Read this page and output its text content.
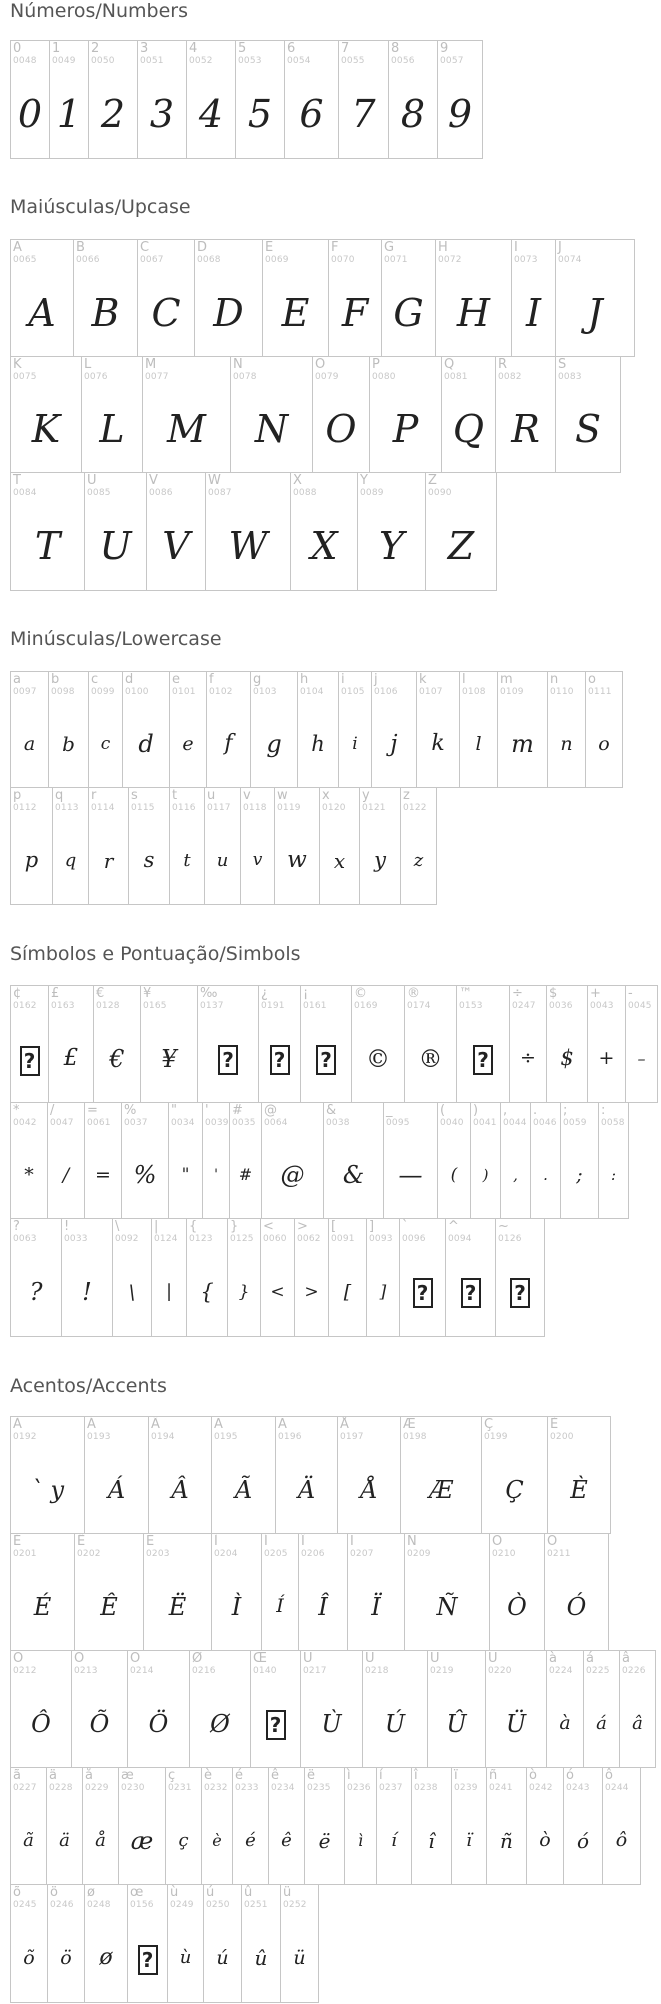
Números/Numbers
0
0048
0
1
0049
1
2
0050
2
3
0051
3
4
0052
4
5
0053
5
6
0054
6
7
0055
7
8
0056
8
9
0057
9
Maiúsculas/Upcase
A
0065
A
B
0066
B
C
0067
C
D
0068
D
E
0069
E
F
0070
F
G
0071
G
H
0072
H
I
0073
I
J
0074
J
K
0075
K
L
0076
L
M
0077
M
N
0078
N
O
0079
O
P
0080
P
Q
0081
Q
R
0082
R
S
0083
S
T
0084
T
U
0085
U
V
0086
V
W
0087
W
X
0088
X
Y
0089
Y
Z
0090
Z
Minúsculas/Lowercase
a
0097
a
b
0098
b
c
0099
c
d
0100
d
e
0101
e
f
0102
f
g
0103
g
h
0104
h
i
0105
i
j
0106
j
k
0107
k
l
0108
l
m
0109
m
n
0110
n
o
0111
o
p
0112
p
q
0113
q
r
0114
r
s
0115
s
t
0116
t
u
0117
u
v
0118
v
w
0119
w
x
0120
x
y
0121
y
z
0122
z
Símbolos e Pontuação/Simbols
¢
0162
?
£
0163
£
€
0128
€
¥
0165
¥
‰
0137
?
¿
0191
?
¡
0161
?
©
0169
©
®
0174
®
™
0153
?
÷
0247
÷
$
0036
$
+
0043
+
-
0045
–
*
0042
*
/
0047
/
=
0061
=
%
0037
%
"
0034
"
'
0039
'
#
0035
#
@
0064
@
&
0038
&
_
0095
—
(
0040
(
)
0041
)
,
0044
,
.
0046
.
;
0059
;
:
0058
:
?
0063
?
!
0033
!
\
0092
\
|
0124
|
{
0123
{
}
0125
}
<
0060
<
>
0062
>
[
0091
[
]
0093
]
`
0096
?
^
0094
?
~
0126
?
Acentos/Accents
À
0192
ˋ y
Á
0193
Á
Â
0194
Â
Ã
0195
Ã
Ä
0196
Ä
Å
0197
Å
Æ
0198
Æ
Ç
0199
Ç
È
0200
È
É
0201
É
Ê
0202
Ê
Ë
0203
Ë
Ì
0204
Ì
Í
0205
Í
Î
0206
Î
Ï
0207
Ï
Ñ
0209
Ñ
Ò
0210
Ò
Ó
0211
Ó
Ô
0212
Ô
Õ
0213
Õ
Ö
0214
Ö
Ø
0216
Ø
Œ
0140
?
Ù
0217
Ù
Ú
0218
Ú
Û
0219
Û
Ü
0220
Ü
à
0224
à
á
0225
á
â
0226
â
ã
0227
ã
ä
0228
ä
å
0229
å
æ
0230
æ
ç
0231
ç
è
0232
è
é
0233
é
ê
0234
ê
ë
0235
ë
ì
0236
ì
í
0237
í
î
0238
î
ï
0239
ï
ñ
0241
ñ
ò
0242
ò
ó
0243
ó
ô
0244
ô
õ
0245
õ
ö
0246
ö
ø
0248
ø
œ
0156
?
ù
0249
ù
ú
0250
ú
û
0251
û
ü
0252
ü
